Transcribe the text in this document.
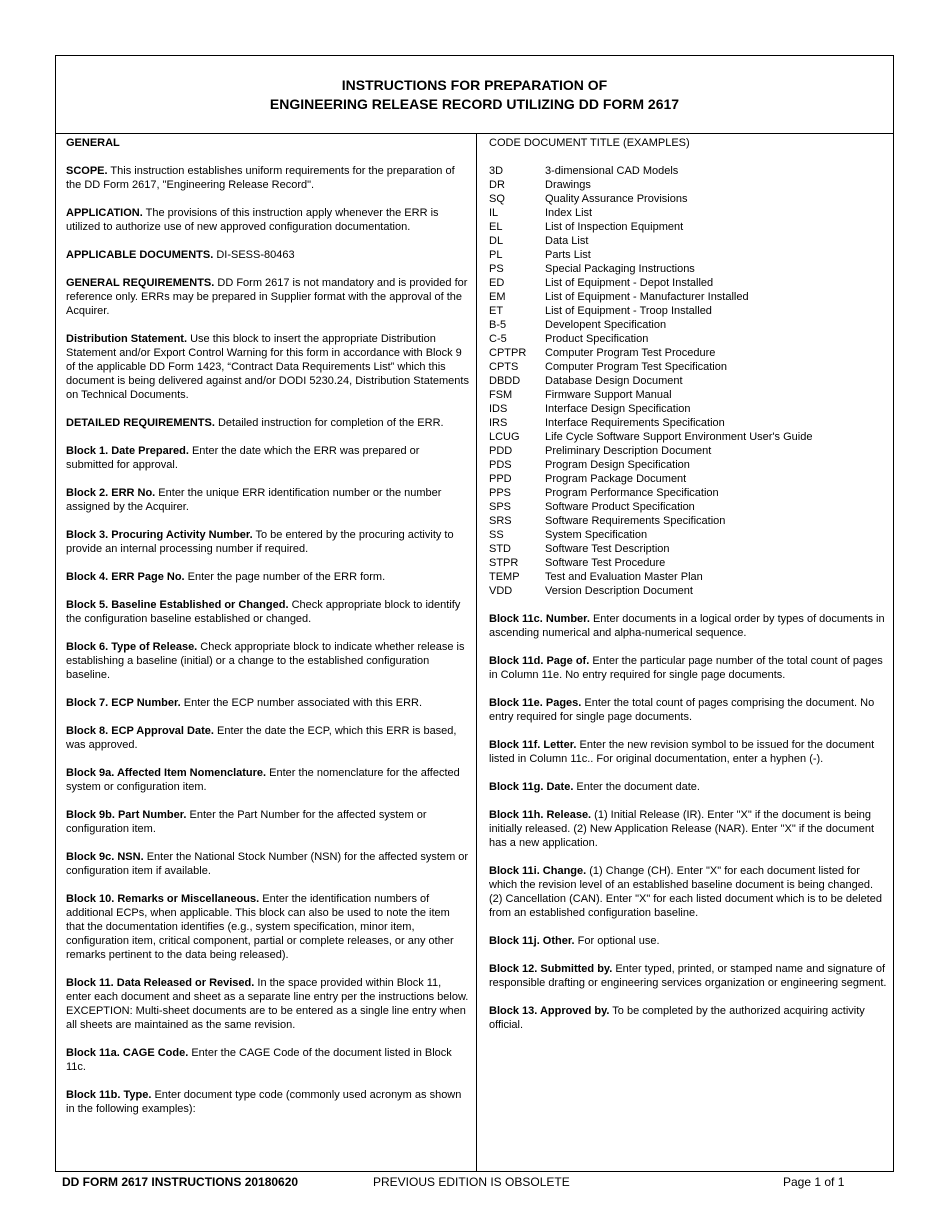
INSTRUCTIONS FOR PREPARATION OF
ENGINEERING RELEASE RECORD UTILIZING DD FORM 2617
GENERAL
SCOPE. This instruction establishes uniform requirements for the preparation of the DD Form 2617, "Engineering Release Record".
APPLICATION. The provisions of this instruction apply whenever the ERR is utilized to authorize use of new approved configuration documentation.
APPLICABLE DOCUMENTS. DI-SESS-80463
GENERAL REQUIREMENTS. DD Form 2617 is not mandatory and is provided for reference only. ERRs may be prepared in Supplier format with the approval of the Acquirer.
Distribution Statement. Use this block to insert the appropriate Distribution Statement and/or Export Control Warning for this form in accordance with Block 9 of the applicable DD Form 1423, “Contract Data Requirements List” which this document is being delivered against and/or DODI 5230.24, Distribution Statements on Technical Documents.
DETAILED REQUIREMENTS. Detailed instruction for completion of the ERR.
Block 1. Date Prepared. Enter the date which the ERR was prepared or submitted for approval.
Block 2. ERR No. Enter the unique ERR identification number or the number assigned by the Acquirer.
Block 3. Procuring Activity Number. To be entered by the procuring activity to provide an internal processing number if required.
Block 4. ERR Page No. Enter the page number of the ERR form.
Block 5. Baseline Established or Changed. Check appropriate block to identify the configuration baseline established or changed.
Block 6. Type of Release. Check appropriate block to indicate whether release is establishing a baseline (initial) or a change to the established configuration baseline.
Block 7. ECP Number. Enter the ECP number associated with this ERR.
Block 8. ECP Approval Date. Enter the date the ECP, which this ERR is based, was approved.
Block 9a. Affected Item Nomenclature. Enter the nomenclature for the affected system or configuration item.
Block 9b. Part Number. Enter the Part Number for the affected system or configuration item.
Block 9c. NSN. Enter the National Stock Number (NSN) for the affected system or configuration item if available.
Block 10. Remarks or Miscellaneous. Enter the identification numbers of additional ECPs, when applicable. This block can also be used to note the item that the documentation identifies (e.g., system specification, minor item, configuration item, critical component, partial or complete releases, or any other remarks pertinent to the data being released).
Block 11. Data Released or Revised. In the space provided within Block 11, enter each document and sheet as a separate line entry per the instructions below. EXCEPTION: Multi-sheet documents are to be entered as a single line entry when all sheets are maintained as the same revision.
Block 11a. CAGE Code. Enter the CAGE Code of the document listed in Block 11c.
Block 11b. Type. Enter document type code (commonly used acronym as shown in the following examples):
CODE DOCUMENT TITLE (EXAMPLES)
3D	3-dimensional CAD Models
DR	Drawings
SQ	Quality Assurance Provisions
IL	Index List
EL	List of Inspection Equipment
DL	Data List
PL	Parts List
PS	Special Packaging Instructions
ED	List of Equipment - Depot Installed
EM	List of Equipment - Manufacturer Installed
ET	List of Equipment - Troop Installed
B-5	Developent Specification
C-5	Product Specification
CPTPR	Computer Program Test Procedure
CPTS	Computer Program Test Specification
DBDD	Database Design Document
FSM	Firmware Support Manual
IDS	Interface Design Specification
IRS	Interface Requirements Specification
LCUG	Life Cycle Software Support Environment User's Guide
PDD	Preliminary Description Document
PDS	Program Design Specification
PPD	Program Package Document
PPS	Program Performance Specification
SPS	Software Product Specification
SRS	Software Requirements Specification
SS	System Specification
STD	Software Test Description
STPR	Software Test Procedure
TEMP	Test and Evaluation Master Plan
VDD	Version Description Document
Block 11c. Number. Enter documents in a logical order by types of documents in ascending numerical and alpha-numerical sequence.
Block 11d. Page of. Enter the particular page number of the total count of pages in Column 11e. No entry required for single page documents.
Block 11e. Pages. Enter the total count of pages comprising the document. No entry required for single page documents.
Block 11f. Letter. Enter the new revision symbol to be issued for the document listed in Column 11c.. For original documentation, enter a hyphen (-).
Block 11g. Date. Enter the document date.
Block 11h. Release. (1) Initial Release (IR). Enter "X" if the document is being initially released. (2) New Application Release (NAR). Enter "X" if the document has a new application.
Block 11i. Change. (1) Change (CH). Enter "X" for each document listed for which the revision level of an established baseline document is being changed. (2) Cancellation (CAN). Enter "X" for each listed document which is to be deleted from an established configuration baseline.
Block 11j. Other. For optional use.
Block 12. Submitted by. Enter typed, printed, or stamped name and signature of responsible drafting or engineering services organization or engineering segment.
Block 13. Approved by. To be completed by the authorized acquiring activity official.
DD FORM 2617 INSTRUCTIONS 20180620	PREVIOUS EDITION IS OBSOLETE	Page 1 of 1
